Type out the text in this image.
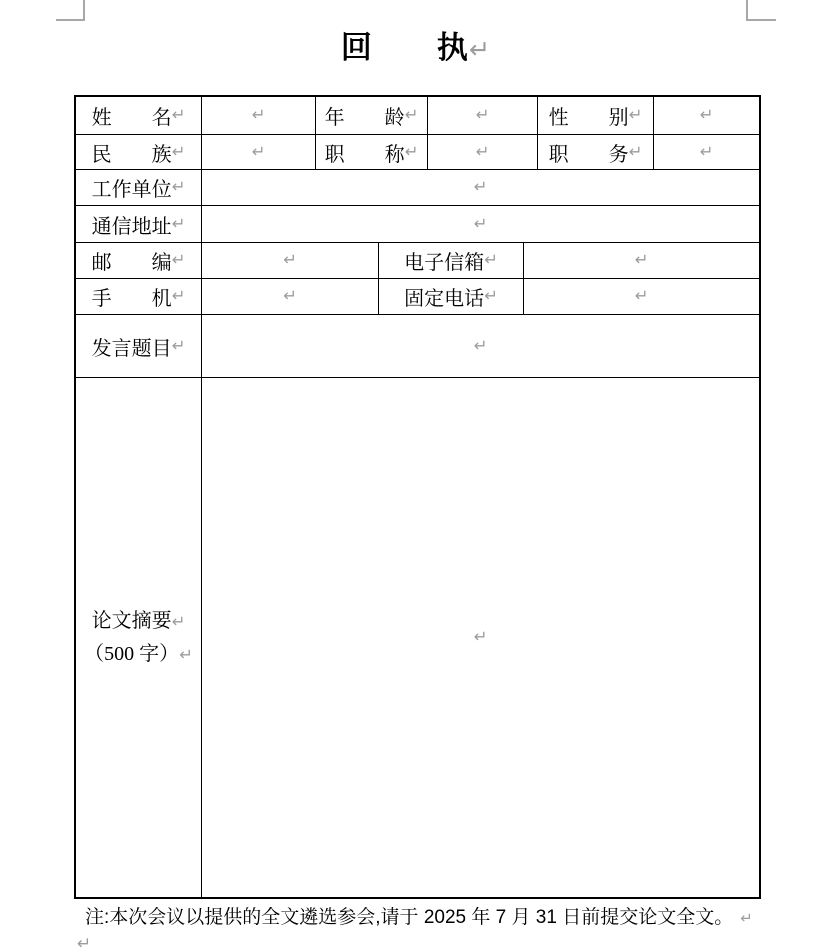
回　　执↵
姓　　名 ↵	↵	年　　龄 ↵	↵	性　　别 ↵	↵
民　　族 ↵	↵	职　　称 ↵	↵	职　　务 ↵	↵
工作单位 ↵	↵
通信地址 ↵	↵
邮　　编 ↵	↵	电子信箱 ↵	↵
手　　机 ↵	↵	固定电话 ↵	↵
发言题目 ↵	↵
论文摘要 ↵
（500 字） ↵
↵
注:本次会议以提供的全文遴选参会,请于 2025 年 7 月 31 日前提交论文全文。 ↵
↵
